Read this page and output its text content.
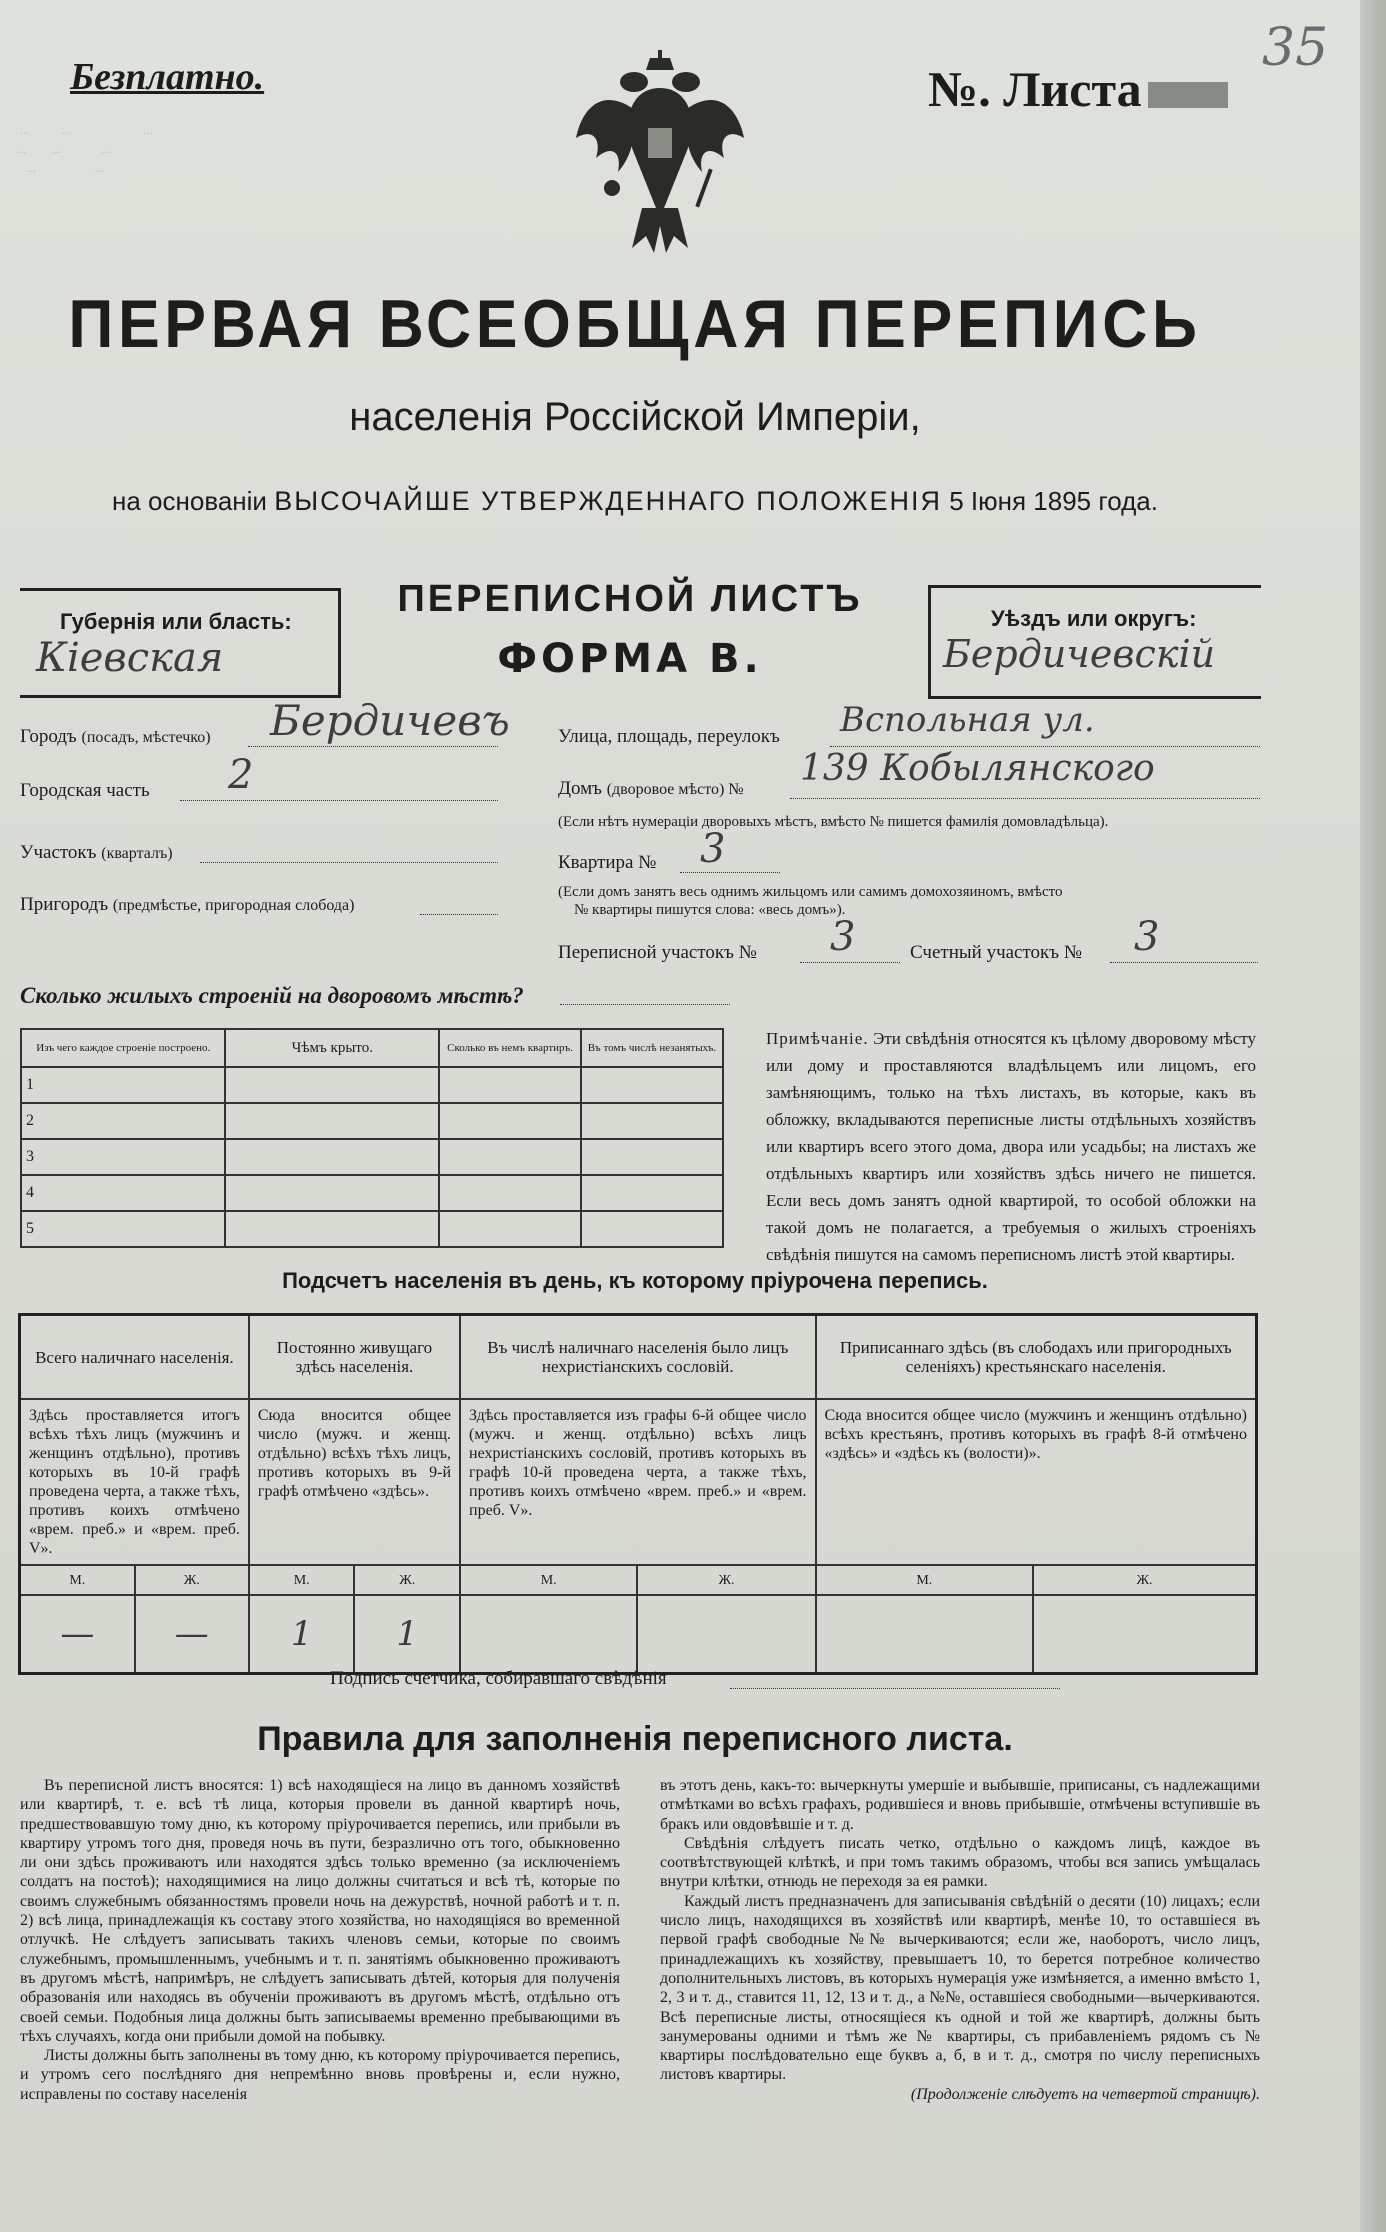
Безплатно.	№. Листа
35
...          ...                      ...
...        ...            ...
...                  ...
ПЕРВАЯ ВСЕОБЩАЯ ПЕРЕПИСЬ
населенія Россійской Имперіи,
на основаніи ВЫСОЧАЙШЕ УТВЕРЖДЕННАГО ПОЛОЖЕНІЯ 5 Іюня 1895 года.
Губернія или бласть:
Кіевская
ПЕРЕПИСНОЙ ЛИСТЪ
ФОРМА В.
Уѣздъ или округъ:
Бердичевскій
Городъ (посадъ, мѣстечко) Бердичевъ
Городская часть 2
Участокъ (кварталъ)
Пригородъ (предмѣстье, пригородная слобода)
Улица, площадь, переулокъ Вспольная ул.
Домъ (дворовое мѣсто) №
139 Кобылянского
(Если нѣтъ нумераціи дворовыхъ мѣстъ, вмѣсто № пишется фамилія домовладѣльца).
Квартира № 3
(Если домъ занятъ весь однимъ жильцомъ или самимъ домохозяиномъ, вмѣсто
№ квартиры пишутся слова: «весь домъ»).
Переписной участокъ № 3	Счетный участокъ № 3
Сколько жилыхъ строеній на дворовомъ мѣстѣ?
Изъ чего каждое строеніе построено.	Чѣмъ крыто.	Сколько въ немъ квартиръ.	Въ томъ числѣ незанятыхъ.
1			
2			
3			
4			
5			
Примѣчаніе. Эти свѣдѣнія относятся къ цѣлому дворовому мѣсту или дому и проставляются владѣльцемъ или лицомъ, его замѣняющимъ, только на тѣхъ листахъ, въ которые, какъ въ обложку, вкладываются переписные листы отдѣльныхъ хозяйствъ или квартиръ всего этого дома, двора или усадьбы; на листахъ же отдѣльныхъ квартиръ или хозяйствъ здѣсь ничего не пишется. Если весь домъ занятъ одной квартирой, то особой обложки на такой домъ не полагается, а требуемыя о жилыхъ строеніяхъ свѣдѣнія пишутся на самомъ переписномъ листѣ этой квартиры.
Подсчетъ населенія въ день, къ которому пріурочена перепись.
Всего наличнаго населенія.		Постоянно живущаго здѣсь населенія.		Въ числѣ наличнаго населенія было лицъ нехристіанскихъ сословій.		Приписаннаго здѣсь (въ слободахъ или пригородныхъ селеніяхъ) крестьянскаго населенія.	
Здѣсь проставляется итогъ всѣхъ тѣхъ лицъ (мужчинъ и женщинъ отдѣльно), противъ которыхъ въ 10-й графѣ проведена черта, а также тѣхъ, противъ коихъ отмѣчено «врем. преб.» и «врем. преб. V».		Сюда вносится общее число (мужч. и женщ. отдѣльно) всѣхъ тѣхъ лицъ, противъ которыхъ въ 9-й графѣ отмѣчено «здѣсь».		Здѣсь проставляется изъ графы 6-й общее число (мужч. и женщ. отдѣльно) всѣхъ лицъ нехристіанскихъ сословій, противъ которыхъ въ графѣ 10-й проведена черта, а также тѣхъ, противъ коихъ отмѣчено «врем. преб.» и «врем. преб. V».		Сюда вносится общее число (мужчинъ и женщинъ отдѣльно) всѣхъ крестьянъ, противъ которыхъ въ графѣ 8-й отмѣчено «здѣсь» и «здѣсь къ (волости)».	
М.	Ж.	М.	Ж.	М.	Ж.	М.	Ж.
—	—	1	1				
Подпись счетчика, собиравшаго свѣдѣнія
Правила для заполненія переписного листа.

Въ переписной листъ вносятся: 1) всѣ находящіеся на лицо въ данномъ хозяйствѣ или квартирѣ, т. е. всѣ тѣ лица, которыя провели въ данной квартирѣ ночь, предшествовавшую тому дню, къ которому пріурочивается перепись, или прибыли въ квартиру утромъ того дня, проведя ночь въ пути, безразлично отъ того, обыкновенно ли они здѣсь проживаютъ или находятся здѣсь только временно (за исключеніемъ солдатъ на постоѣ); находящимися на лицо должны считаться и всѣ тѣ, которые по своимъ служебнымъ обязанностямъ провели ночь на дежурствѣ, ночной работѣ и т. п. 2) всѣ лица, принадлежащія къ составу этого хозяйства, но находящіяся во временной отлучкѣ. Не слѣдуетъ записывать такихъ членовъ семьи, которые по своимъ служебнымъ, промышленнымъ, учебнымъ и т. п. занятіямъ обыкновенно проживаютъ въ другомъ мѣстѣ, напримѣръ, не слѣдуетъ записывать дѣтей, которыя для полученія образованія или находясь въ обученіи проживаютъ въ другомъ мѣстѣ, отдѣльно отъ своей семьи. Подобныя лица должны быть записываемы временно пребывающими въ тѣхъ случаяхъ, когда они прибыли домой на побывку.

Листы должны быть заполнены въ тому дню, къ которому пріурочивается перепись, и утромъ сего послѣдняго дня непремѣнно вновь провѣрены и, если нужно, исправлены по составу населенія

въ этотъ день, какъ-то: вычеркнуты умершіе и выбывшіе, приписаны, съ надлежащими отмѣтками во всѣхъ графахъ, родившіеся и вновь прибывшіе, отмѣчены вступившіе въ бракъ или овдовѣвшіе и т. д.

Свѣдѣнія слѣдуетъ писать четко, отдѣльно о каждомъ лицѣ, каждое въ соотвѣтствующей клѣткѣ, и при томъ такимъ образомъ, чтобы вся запись умѣщалась внутри клѣтки, отнюдь не переходя за ея рамки.

Каждый листъ предназначенъ для записыванія свѣдѣній о десяти (10) лицахъ; если число лицъ, находящихся въ хозяйствѣ или квартирѣ, менѣе 10, то оставшіеся въ первой графѣ свободные №№ вычеркиваются; если же, наоборотъ, число лицъ, принадлежащихъ къ хозяйству, превышаетъ 10, то берется потребное количество дополнительныхъ листовъ, въ которыхъ нумерація уже измѣняется, а именно вмѣсто 1, 2, 3 и т. д., ставится 11, 12, 13 и т. д., а №№, оставшіеся свободными—вычеркиваются. Всѣ переписные листы, относящіеся къ одной и той же квартирѣ, должны быть занумерованы одними и тѣмъ же № квартиры, съ прибавленіемъ рядомъ съ № квартиры послѣдовательно еще буквъ а, б, в и т. д., смотря по числу переписныхъ листовъ квартиры.

(Продолженіе слѣдуетъ на четвертой страницѣ).
